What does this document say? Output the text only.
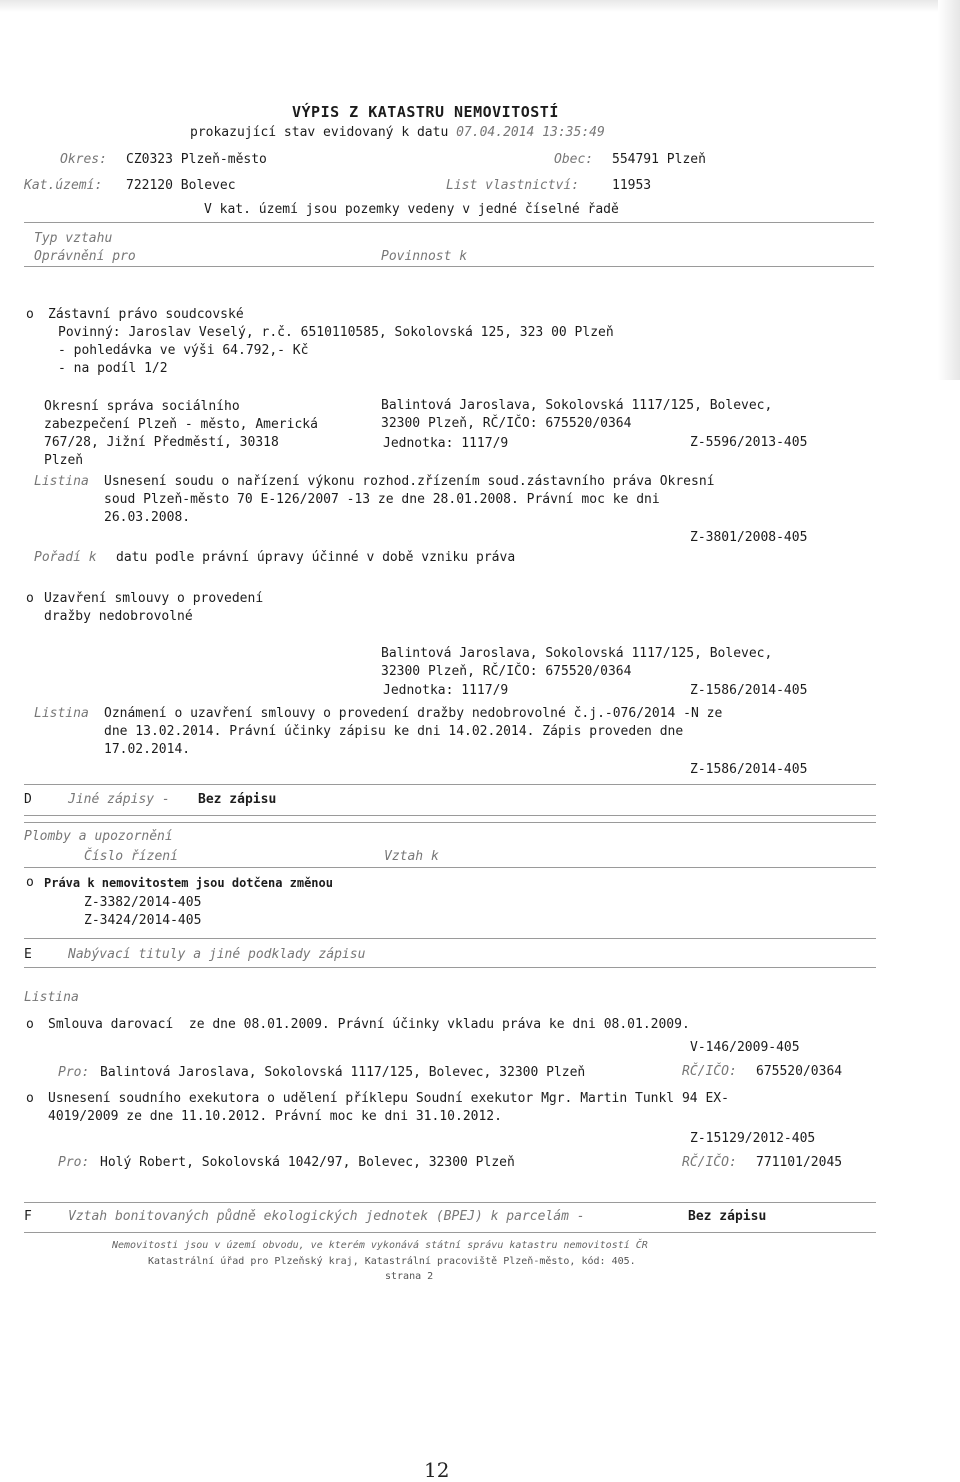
VÝPIS Z KATASTRU NEMOVITOSTÍ
prokazující stav evidovaný k datu 07.04.2014 13:35:49
Okres: CZ0323 Plzeň-město	Obec: 554791 Plzeň
Kat.území: 722120 Bolevec	List vlastnictví:	11953
V kat. území jsou pozemky vedeny v jedné číselné řadě
Typ vztahu
Oprávnění pro	Povinnost k
o Zástavní právo soudcovské
Povinný: Jaroslav Veselý, r.č. 6510110585, Sokolovská 125, 323 00 Plzeň
- pohledávka ve výši 64.792,- Kč
- na podíl 1/2
Okresní správa sociálního
zabezpečení Plzeň - město, Americká
767/28, Jižní Předměstí, 30318
Plzeň
Balintová Jaroslava, Sokolovská 1117/125, Bolevec,
32300 Plzeň, RČ/IČO: 675520/0364
Jednotka: 1117/9	Z-5596/2013-405
Listina Usnesení soudu o nařízení výkonu rozhod.zřízením soud.zástavního práva Okresní
soud Plzeň-město 70 E-126/2007 -13 ze dne 28.01.2008. Právní moc ke dni
26.03.2008.
Z-3801/2008-405
Pořadí k datu podle právní úpravy účinné v době vzniku práva
o Uzavření smlouvy o provedení
dražby nedobrovolné
Balintová Jaroslava, Sokolovská 1117/125, Bolevec,
32300 Plzeň, RČ/IČO: 675520/0364
Jednotka: 1117/9	Z-1586/2014-405
Listina Oznámení o uzavření smlouvy o provedení dražby nedobrovolné č.j.-076/2014 -N ze
dne 13.02.2014. Právní účinky zápisu ke dni 14.02.2014. Zápis proveden dne
17.02.2014.
Z-1586/2014-405
D	Jiné zápisy - Bez zápisu
Plomby a upozornění
Číslo řízení	Vztah k
o Práva k nemovitostem jsou dotčena změnou
Z-3382/2014-405
Z-3424/2014-405
E	Nabývací tituly a jiné podklady zápisu
Listina
o Smlouva darovací  ze dne 08.01.2009. Právní účinky vkladu práva ke dni 08.01.2009.
V-146/2009-405
Pro: Balintová Jaroslava, Sokolovská 1117/125, Bolevec, 32300 Plzeň	RČ/IČO: 675520/0364
o Usnesení soudního exekutora o udělení příklepu Soudní exekutor Mgr. Martin Tunkl 94 EX-
4019/2009 ze dne 11.10.2012. Právní moc ke dni 31.10.2012.
Z-15129/2012-405
Pro: Holý Robert, Sokolovská 1042/97, Bolevec, 32300 Plzeň	RČ/IČO: 771101/2045
F	Vztah bonitovaných půdně ekologických jednotek (BPEJ) k parcelám -	Bez zápisu
Nemovitosti jsou v území obvodu, ve kterém vykonává státní správu katastru nemovitostí ČR
Katastrální úřad pro Plzeňský kraj, Katastrální pracoviště Plzeň-město, kód: 405.
strana 2
12
